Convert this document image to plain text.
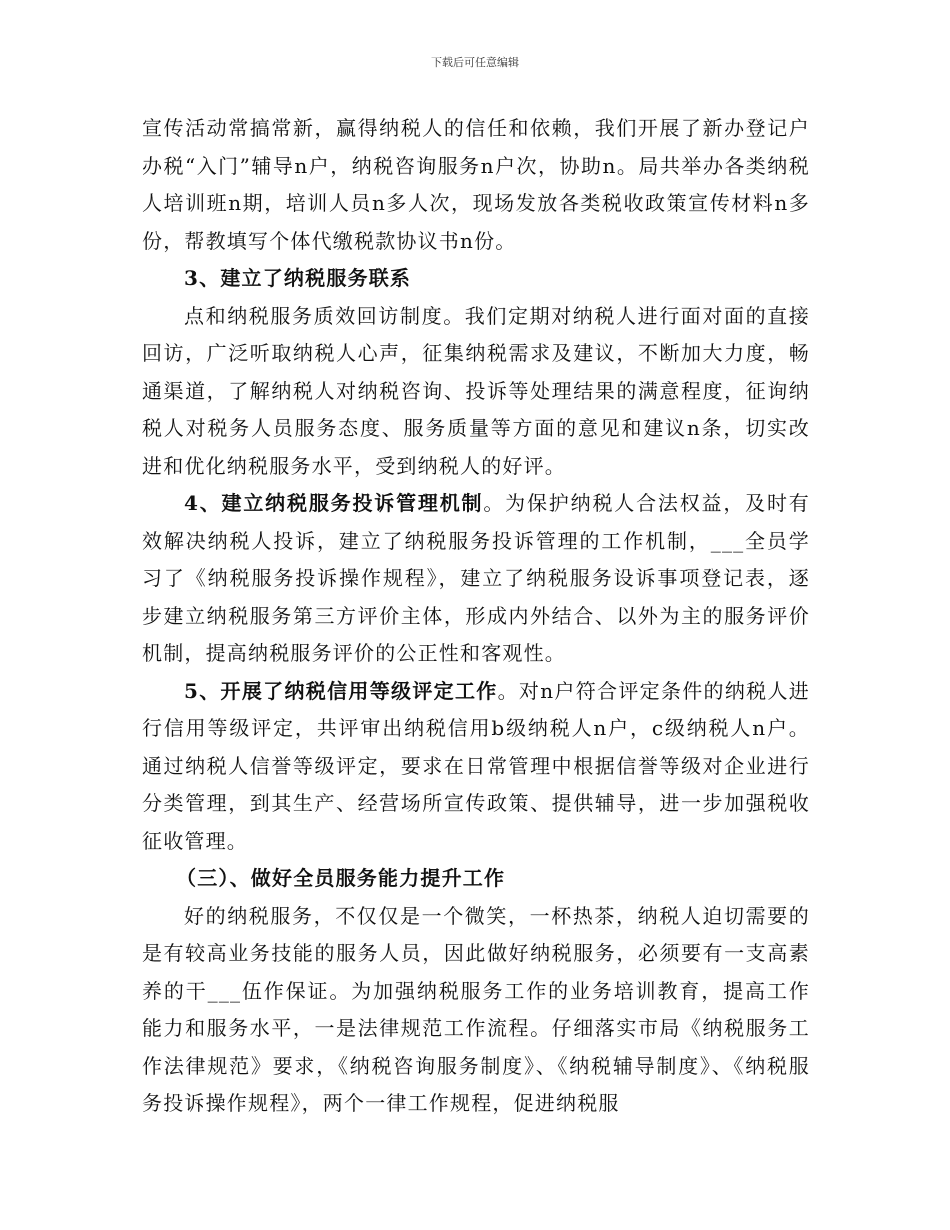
下载后可任意编辑

宣传活动常搞常新，赢得纳税人的信任和依赖，我们开展了新办登记户办税“入门”辅导n户，纳税咨询服务n户次，协助n。局共举办各类纳税人培训班n期，培训人员n多人次，现场发放各类税收政策宣传材料n多份，帮教填写个体代缴税款协议书n份。

3、建立了纳税服务联系

点和纳税服务质效回访制度。我们定期对纳税人进行面对面的直接回访，广泛听取纳税人心声，征集纳税需求及建议，不断加大力度，畅通渠道，了解纳税人对纳税咨询、投诉等处理结果的满意程度，征询纳税人对税务人员服务态度、服务质量等方面的意见和建议n条，切实改进和优化纳税服务水平，受到纳税人的好评。

4、建立纳税服务投诉管理机制。为保护纳税人合法权益，及时有效解决纳税人投诉，建立了纳税服务投诉管理的工作机制，___全员学习了《纳税服务投诉操作规程》，建立了纳税服务设诉事项登记表，逐步建立纳税服务第三方评价主体，形成内外结合、以外为主的服务评价机制，提高纳税服务评价的公正性和客观性。

5、开展了纳税信用等级评定工作。对n户符合评定条件的纳税人进行信用等级评定，共评审出纳税信用b级纳税人n户，c级纳税人n户。通过纳税人信誉等级评定，要求在日常管理中根据信誉等级对企业进行分类管理，到其生产、经营场所宣传政策、提供辅导，进一步加强税收征收管理。

（三）、做好全员服务能力提升工作

好的纳税服务，不仅仅是一个微笑，一杯热茶，纳税人迫切需要的是有较高业务技能的服务人员，因此做好纳税服务，必须要有一支高素养的干___伍作保证。为加强纳税服务工作的业务培训教育，提高工作能力和服务水平，一是法律规范工作流程。仔细落实市局《纳税服务工作法律规范》要求，《纳税咨询服务制度》、《纳税辅导制度》、《纳税服务投诉操作规程》，两个一律工作规程，促进纳税服
